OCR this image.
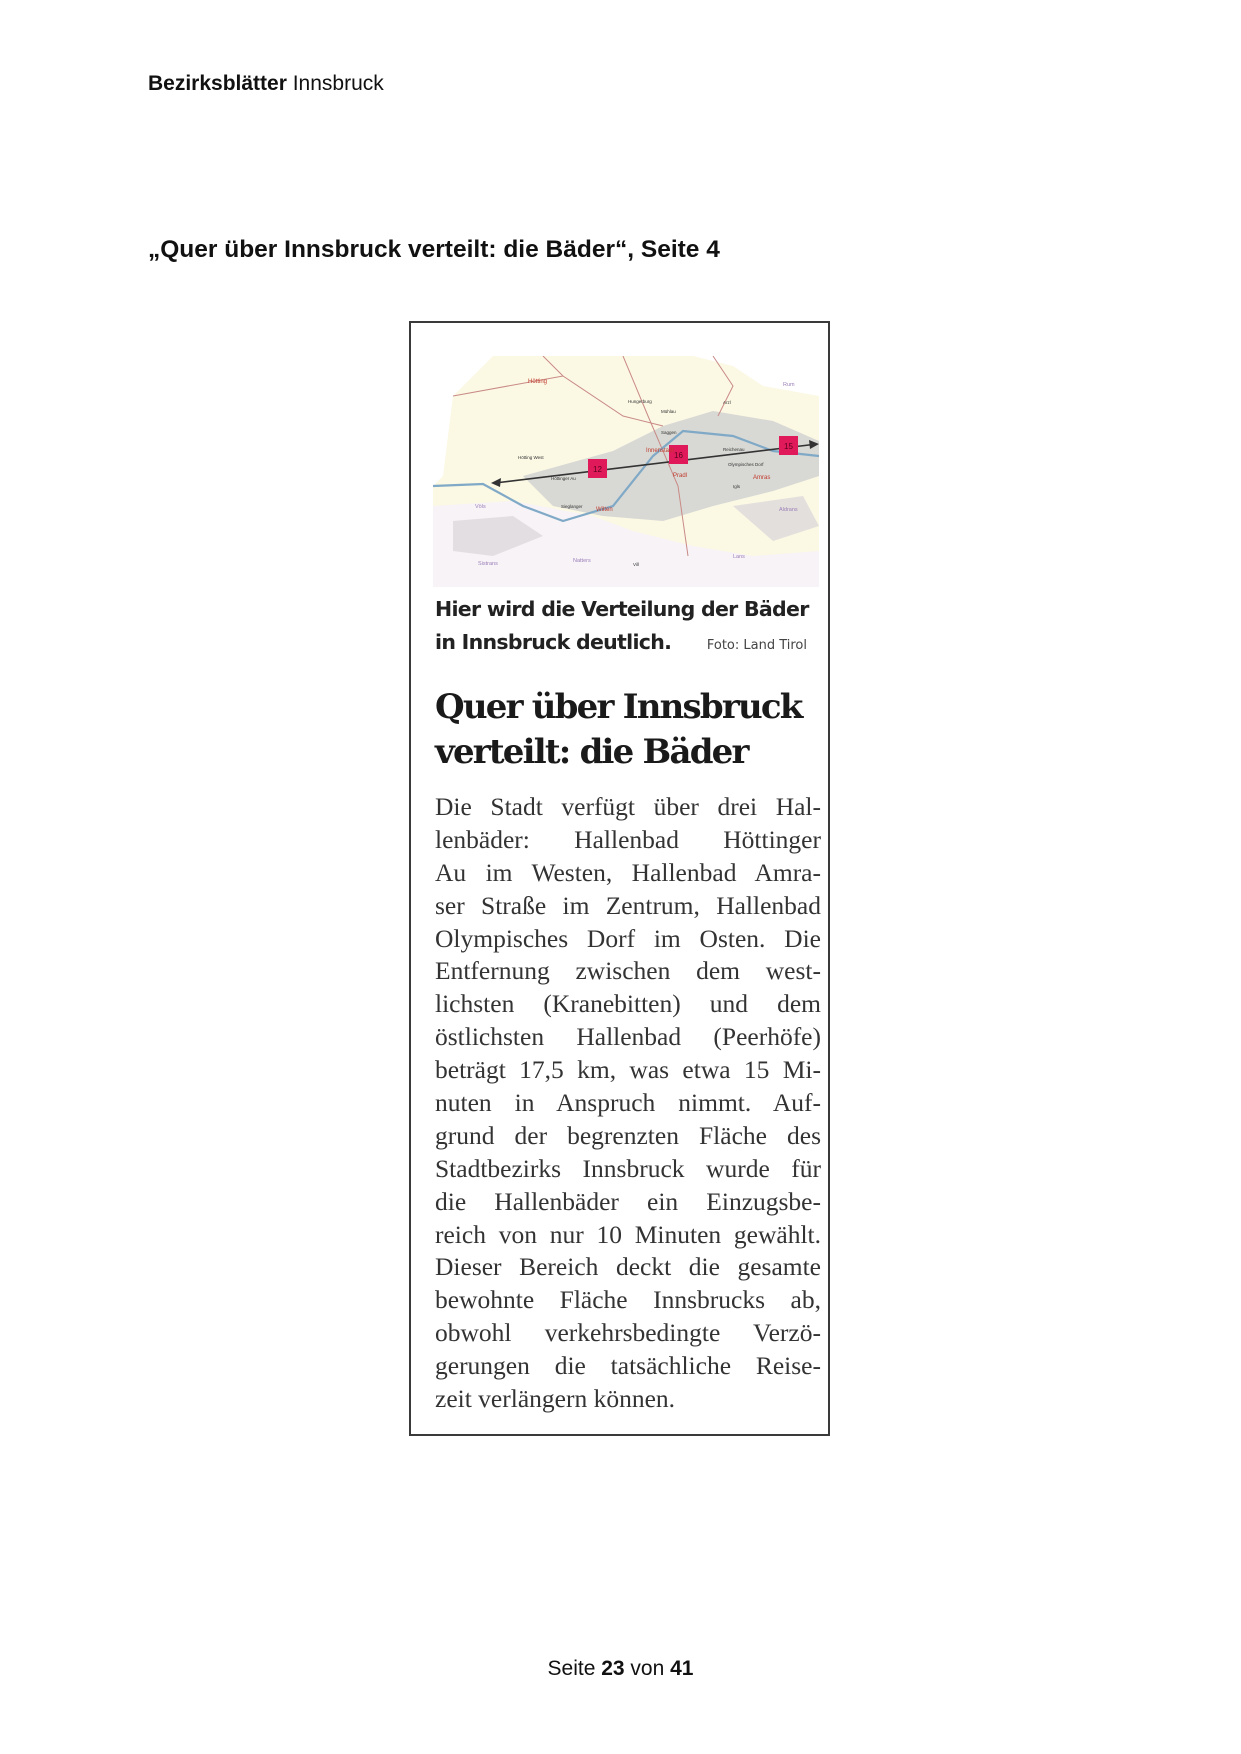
Bezirksblätter Innsbruck
„Quer über Innsbruck verteilt: die Bäder“, Seite 4
12
16
15
Hötting
Innenstadt
Pradl
Wilten
Amras
Rum
Völs
Sistrans	Natters
Lans
Aldrans
Hungerburg
Mühlau
Arzl
Saggen
Hötting West
Höttinger Au
Reichenau
Sieglanger
Vill
Olympisches Dorf
Igls
Hier wird die Verteilung der Bäder
in Innsbruck deutlich.	Foto: Land Tirol
Quer über Innsbruck
verteilt: die Bäder
Die Stadt verfügt über drei Hal-
lenbäder: Hallenbad Höttinger
Au im Westen, Hallenbad Amra-
ser Straße im Zentrum, Hallenbad
Olympisches Dorf im Osten. Die
Entfernung zwischen dem west-
lichsten (Kranebitten) und dem
östlichsten Hallenbad (Peerhöfe)
beträgt 17,5 km, was etwa 15 Mi-
nuten in Anspruch nimmt. Auf-
grund der begrenzten Fläche des
Stadtbezirks Innsbruck wurde für
die Hallenbäder ein Einzugsbe-
reich von nur 10 Minuten gewählt.
Dieser Bereich deckt die gesamte
bewohnte Fläche Innsbrucks ab,
obwohl verkehrsbedingte Verzö-
gerungen die tatsächliche Reise-
zeit verlängern können.
Seite 23 von 41
